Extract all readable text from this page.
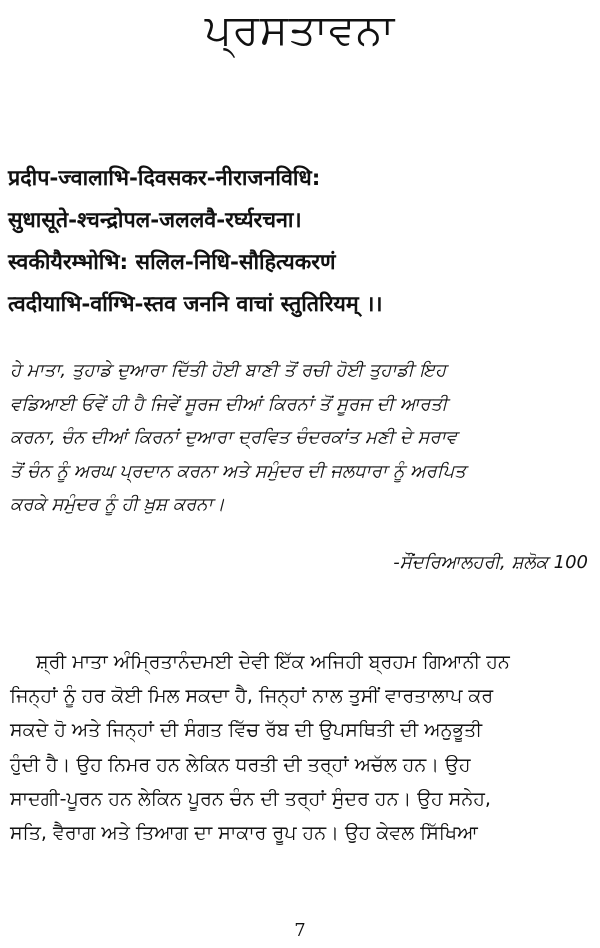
ਪ੍ਰਸਤਾਵਨਾ
प्रदीप-ज्वालाभि-दिवसकर-नीराजनविधि:
सुधासूते-श्चन्द्रोपल-जललवै-रर्घ्यरचना।
स्वकीयैरम्भोभि: सलिल-निधि-सौहित्यकरणं
त्वदीयाभि-र्वाग्भि-स्तव जननि वाचां स्तुतिरियम् ।।
ਹੇ ਮਾਤਾ, ਤੁਹਾਡੇ ਦੁਆਰਾ ਦਿੱਤੀ ਹੋਈ ਬਾਣੀ ਤੋਂ ਰਚੀ ਹੋਈ ਤੁਹਾਡੀ ਇਹ
ਵਡਿਆਈ ਓਵੇਂ ਹੀ ਹੈ ਜਿਵੇਂ ਸੂਰਜ ਦੀਆਂ ਕਿਰਨਾਂ ਤੋਂ ਸੂਰਜ ਦੀ ਆਰਤੀ
ਕਰਨਾ, ਚੰਨ ਦੀਆਂ ਕਿਰਨਾਂ ਦੁਆਰਾ ਦ੍ਰਵਿਤ ਚੰਦਰਕਾਂਤ ਮਣੀ ਦੇ ਸਰਾਵ
ਤੋਂ ਚੰਨ ਨੂੰ ਅਰਘ ਪ੍ਰਦਾਨ ਕਰਨਾ ਅਤੇ ਸਮੁੰਦਰ ਦੀ ਜਲਧਾਰਾ ਨੂੰ ਅਰਪਿਤ
ਕਰਕੇ ਸਮੁੰਦਰ ਨੂੰ ਹੀ ਖ਼ੁਸ਼ ਕਰਨਾ।
-ਸੌਂਦਰਿਆਲਹਰੀ, ਸ਼ਲੋਕ 100
ਸ਼੍ਰੀ ਮਾਤਾ ਅੰਮ੍ਰਿਤਾਨੰਦਮਈ ਦੇਵੀ ਇੱਕ ਅਜਿਹੀ ਬ੍ਰਹਮ ਗਿਆਨੀ ਹਨ
ਜਿਨ੍ਹਾਂ ਨੂੰ ਹਰ ਕੋਈ ਮਿਲ ਸਕਦਾ ਹੈ, ਜਿਨ੍ਹਾਂ ਨਾਲ ਤੁਸੀਂ ਵਾਰਤਾਲਾਪ ਕਰ
ਸਕਦੇ ਹੋ ਅਤੇ ਜਿਨ੍ਹਾਂ ਦੀ ਸੰਗਤ ਵਿੱਚ ਰੱਬ ਦੀ ਉਪਸਥਿਤੀ ਦੀ ਅਨੁਭੂਤੀ
ਹੁੰਦੀ ਹੈ। ਉਹ ਨਿਮਰ ਹਨ ਲੇਕਿਨ ਧਰਤੀ ਦੀ ਤਰ੍ਹਾਂ ਅਚੱਲ ਹਨ। ਉਹ
ਸਾਦਗੀ-ਪੂਰਨ ਹਨ ਲੇਕਿਨ ਪੂਰਨ ਚੰਨ ਦੀ ਤਰ੍ਹਾਂ ਸੁੰਦਰ ਹਨ। ਉਹ ਸਨੇਹ,
ਸਤਿ, ਵੈਰਾਗ ਅਤੇ ਤਿਆਗ ਦਾ ਸਾਕਾਰ ਰੂਪ ਹਨ। ਉਹ ਕੇਵਲ ਸਿੱਖਿਆ
7
